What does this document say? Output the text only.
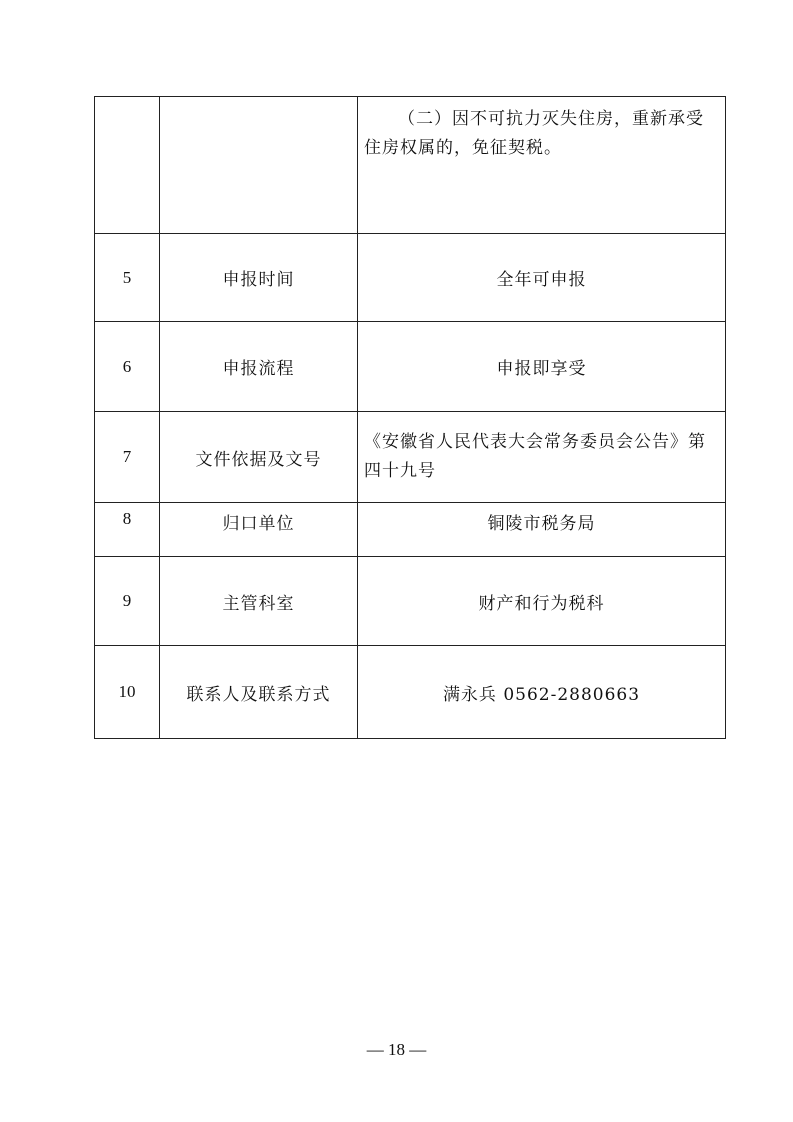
		（二）因不可抗力灭失住房，重新承受住房权属的，免征契税。
5	申报时间	全年可申报
6	申报流程	申报即享受
7	文件依据及文号	《安徽省人民代表大会常务委员会公告》第四十九号
8	归口单位	铜陵市税务局
9	主管科室	财产和行为税科
10	联系人及联系方式	满永兵 0562-2880663
— 18 —
